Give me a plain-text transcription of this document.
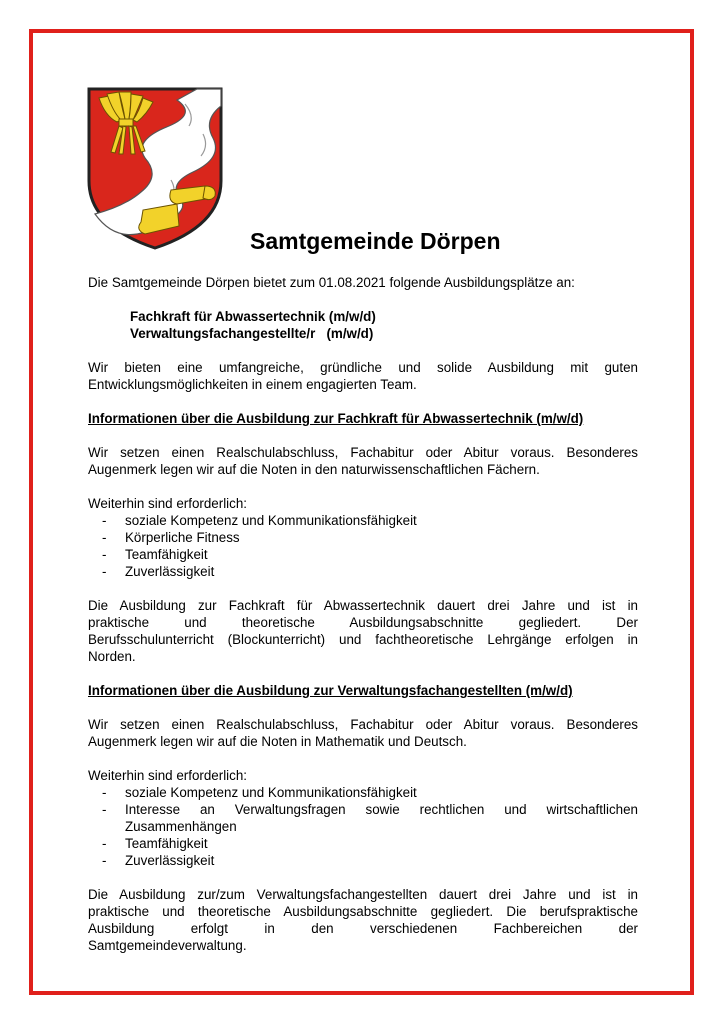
Samtgemeinde Dörpen

Die Samtgemeinde Dörpen bietet zum 01.08.2021 folgende Ausbildungsplätze an:

Fachkraft für Abwassertechnik (m/w/d)
Verwaltungsfachangestellte/r   (m/w/d)

Wir bieten eine umfangreiche, gründliche und solide Ausbildung mit guten

Entwicklungsmöglichkeiten in einem engagierten Team.

Informationen über die Ausbildung zur Fachkraft für Abwassertechnik (m/w/d)

Wir setzen einen Realschulabschluss, Fachabitur oder Abitur voraus. Besonderes

Augenmerk legen wir auf die Noten in den naturwissenschaftlichen Fächern.

Weiterhin sind erforderlich:

- soziale Kompetenz und Kommunikationsfähigkeit
- Körperliche Fitness
- Teamfähigkeit
- Zuverlässigkeit

Die Ausbildung zur Fachkraft für Abwassertechnik dauert drei Jahre und ist in

praktische und theoretische Ausbildungsabschnitte gegliedert. Der

Berufsschulunterricht (Blockunterricht) und fachtheoretische Lehrgänge erfolgen in

Norden.

Informationen über die Ausbildung zur Verwaltungsfachangestellten (m/w/d)

Wir setzen einen Realschulabschluss, Fachabitur oder Abitur voraus. Besonderes

Augenmerk legen wir auf die Noten in Mathematik und Deutsch.

Weiterhin sind erforderlich:

- soziale Kompetenz und Kommunikationsfähigkeit
- Interesse an Verwaltungsfragen sowie rechtlichen und wirtschaftlichen
Zusammenhängen
- Teamfähigkeit
- Zuverlässigkeit

Die Ausbildung zur/zum Verwaltungsfachangestellten dauert drei Jahre und ist in

praktische und theoretische Ausbildungsabschnitte gegliedert. Die berufspraktische

Ausbildung erfolgt in den verschiedenen Fachbereichen der

Samtgemeindeverwaltung.
